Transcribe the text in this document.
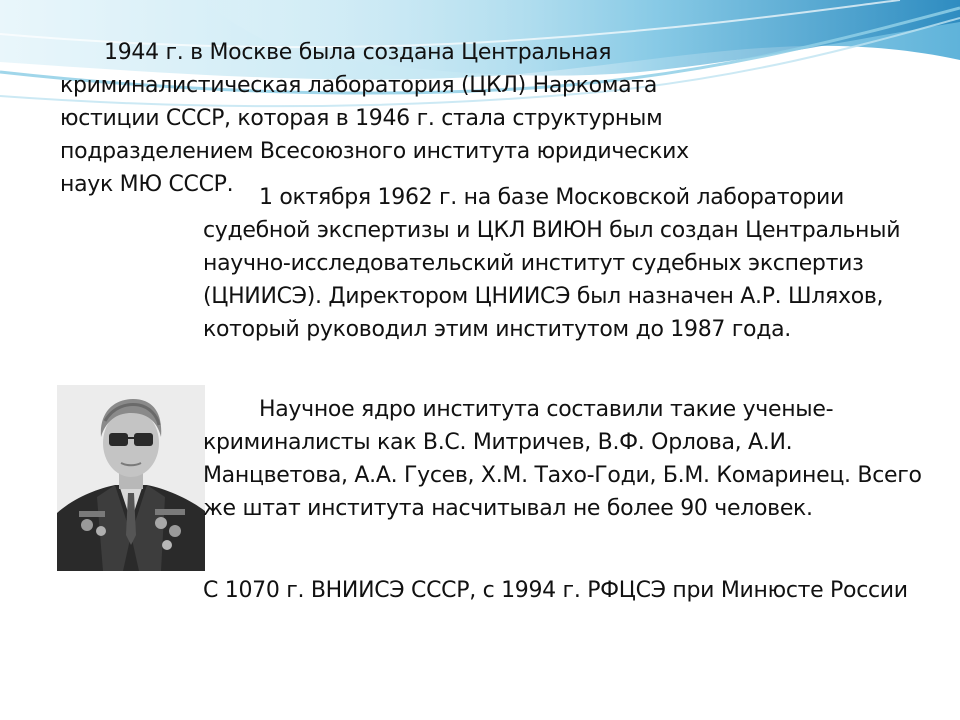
1944 г. в Москве была создана Центральная криминалистическая лаборатория (ЦКЛ) Наркомата юстиции СССР, которая в 1946 г. стала структурным подразделением Всесоюзного института юридических наук МЮ СССР.

1 октября 1962 г. на базе Московской лаборатории судебной экспертизы и ЦКЛ ВИЮН был создан Центральный научно-исследовательский институт судебных экспертиз (ЦНИИСЭ). Директором ЦНИИСЭ был назначен А.Р. Шляхов, который руководил этим институтом до 1987 года.

Научное ядро института составили такие ученые-криминалисты как В.С. Митричев, В.Ф. Орлова, А.И. Манцветова, А.А. Гусев, Х.М. Тахо-Годи, Б.М. Комаринец. Всего же штат института насчитывал не более 90 человек.

С 1070 г. ВНИИСЭ СССР, с 1994 г. РФЦСЭ при Минюсте России
